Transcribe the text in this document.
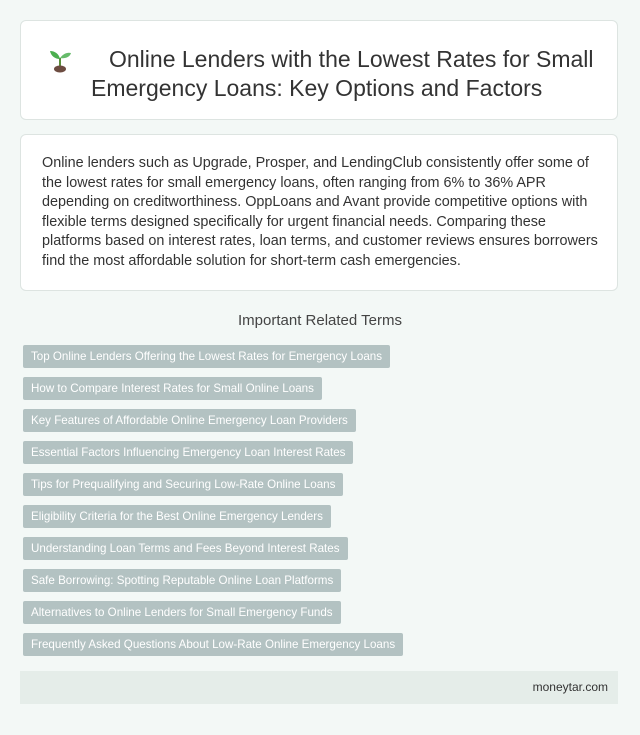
Online Lenders with the Lowest Rates for Small Emergency Loans: Key Options and Factors

Online lenders such as Upgrade, Prosper, and LendingClub consistently offer some of the lowest rates for small emergency loans, often ranging from 6% to 36% APR depending on creditworthiness. OppLoans and Avant provide competitive options with flexible terms designed specifically for urgent financial needs. Comparing these platforms based on interest rates, loan terms, and customer reviews ensures borrowers find the most affordable solution for short-term cash emergencies.

Important Related Terms
Top Online Lenders Offering the Lowest Rates for Emergency Loans
How to Compare Interest Rates for Small Online Loans
Key Features of Affordable Online Emergency Loan Providers
Essential Factors Influencing Emergency Loan Interest Rates
Tips for Prequalifying and Securing Low-Rate Online Loans
Eligibility Criteria for the Best Online Emergency Lenders
Understanding Loan Terms and Fees Beyond Interest Rates
Safe Borrowing: Spotting Reputable Online Loan Platforms
Alternatives to Online Lenders for Small Emergency Funds
Frequently Asked Questions About Low-Rate Online Emergency Loans
moneytar.com
